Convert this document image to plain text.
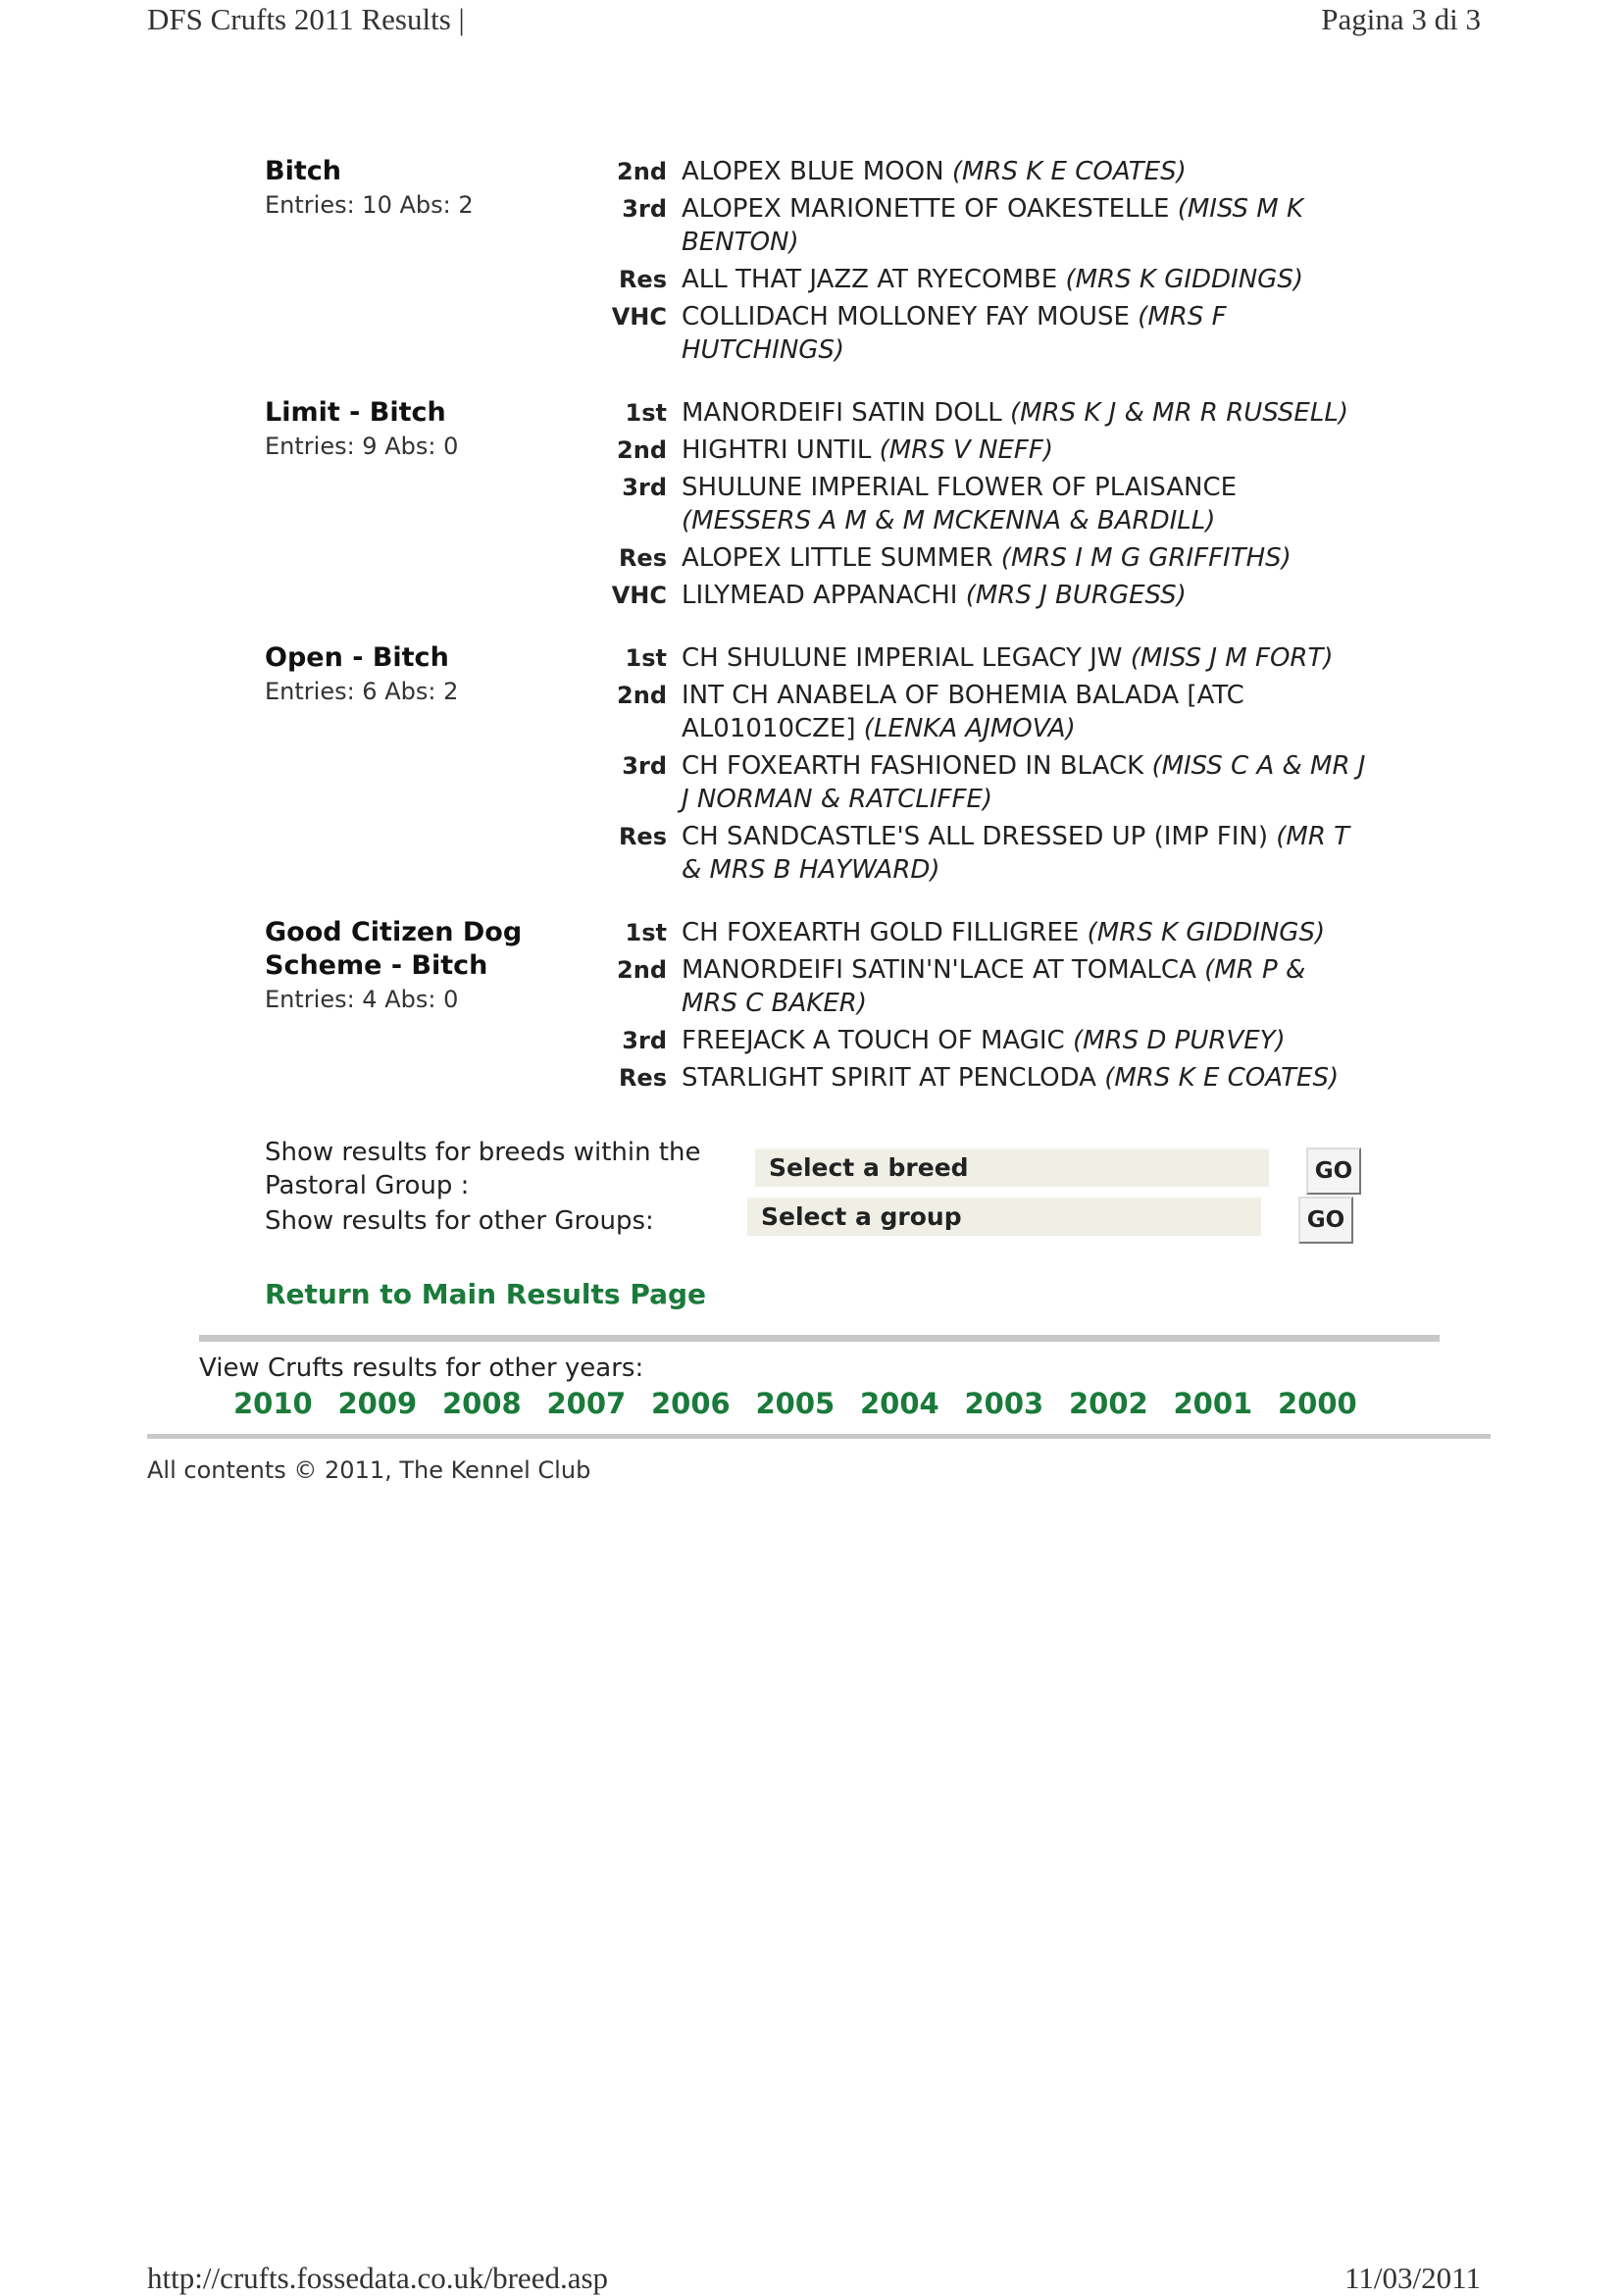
DFS Crufts 2011 Results |	Pagina 3 di 3
Bitch
Entries: 10 Abs: 2
2nd ALOPEX BLUE MOON (MRS K E COATES)
3rd ALOPEX MARIONETTE OF OAKESTELLE (MISS M K BENTON)
Res ALL THAT JAZZ AT RYECOMBE (MRS K GIDDINGS)
VHC COLLIDACH MOLLONEY FAY MOUSE (MRS F HUTCHINGS)
Limit - Bitch
Entries: 9 Abs: 0
1st MANORDEIFI SATIN DOLL (MRS K J & MR R RUSSELL)
2nd HIGHTRI UNTIL (MRS V NEFF)
3rd SHULUNE IMPERIAL FLOWER OF PLAISANCE (MESSERS A M & M MCKENNA & BARDILL)
Res ALOPEX LITTLE SUMMER (MRS I M G GRIFFITHS)
VHC LILYMEAD APPANACHI (MRS J BURGESS)
Open - Bitch
Entries: 6 Abs: 2
1st CH SHULUNE IMPERIAL LEGACY JW (MISS J M FORT)
2nd INT CH ANABELA OF BOHEMIA BALADA [ATC AL01010CZE] (LENKA AJMOVA)
3rd CH FOXEARTH FASHIONED IN BLACK (MISS C A & MR J J NORMAN & RATCLIFFE)
Res CH SANDCASTLE'S ALL DRESSED UP (IMP FIN) (MR T & MRS B HAYWARD)
Good Citizen Dog Scheme - Bitch
Entries: 4 Abs: 0
1st CH FOXEARTH GOLD FILLIGREE (MRS K GIDDINGS)
2nd MANORDEIFI SATIN'N'LACE AT TOMALCA (MR P & MRS C BAKER)
3rd FREEJACK A TOUCH OF MAGIC (MRS D PURVEY)
Res STARLIGHT SPIRIT AT PENCLODA (MRS K E COATES)
Show results for breeds within the Pastoral Group :
Select a breed	GO
Show results for other Groups:	Select a group	GO
Return to Main Results Page
View Crufts results for other years:
2010 2009 2008 2007 2006 2005 2004 2003 2002 2001 2000
All contents © 2011, The Kennel Club
http://crufts.fossedata.co.uk/breed.asp	11/03/2011
